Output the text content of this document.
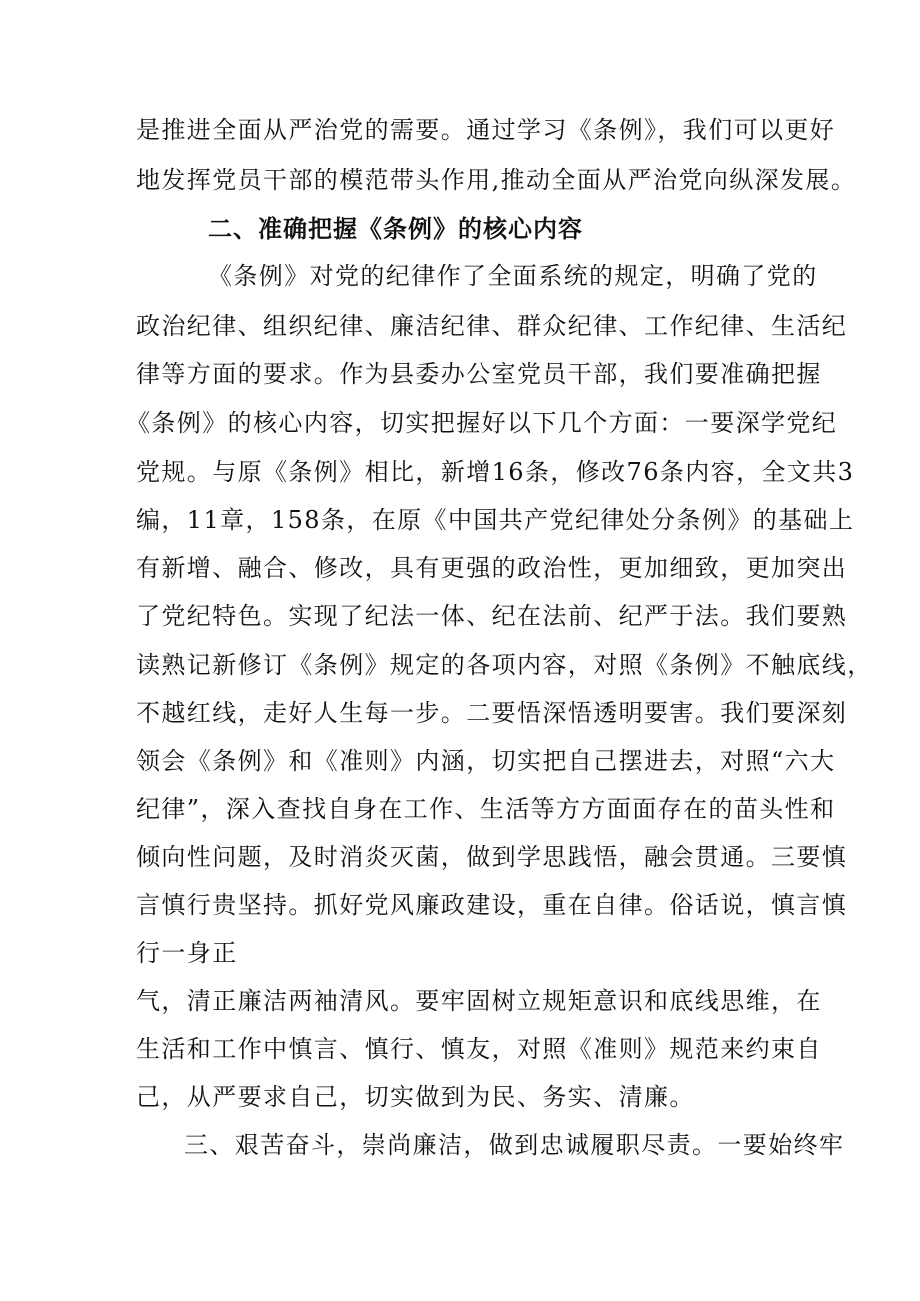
是推进全面从严治党的需要。通过学习《条例》，我们可以更好
地发挥党员干部的模范带头作用,推动全面从严治党向纵深发展。
二、准确把握《条例》的核心内容
《条例》对党的纪律作了全面系统的规定，明确了党的
政治纪律、组织纪律、廉洁纪律、群众纪律、工作纪律、生活纪
律等方面的要求。作为县委办公室党员干部，我们要准确把握
《条例》的核心内容，切实把握好以下几个方面：一要深学党纪
党规。与原《条例》相比，新增16条，修改76条内容，全文共3
编，11章，158条，在原《中国共产党纪律处分条例》的基础上
有新增、融合、修改，具有更强的政治性，更加细致，更加突出
了党纪特色。实现了纪法一体、纪在法前、纪严于法。我们要熟
读熟记新修订《条例》规定的各项内容，对照《条例》不触底线，
不越红线，走好人生每一步。二要悟深悟透明要害。我们要深刻
领会《条例》和《准则》内涵，切实把自己摆进去，对照“六大
纪律”，深入查找自身在工作、生活等方方面面存在的苗头性和
倾向性问题，及时消炎灭菌，做到学思践悟，融会贯通。三要慎
言慎行贵坚持。抓好党风廉政建设，重在自律。俗话说，慎言慎
行一身正
气，清正廉洁两袖清风。要牢固树立规矩意识和底线思维，在
生活和工作中慎言、慎行、慎友，对照《准则》规范来约束自
己，从严要求自己，切实做到为民、务实、清廉。
三、艰苦奋斗，崇尚廉洁，做到忠诚履职尽责。一要始终牢
